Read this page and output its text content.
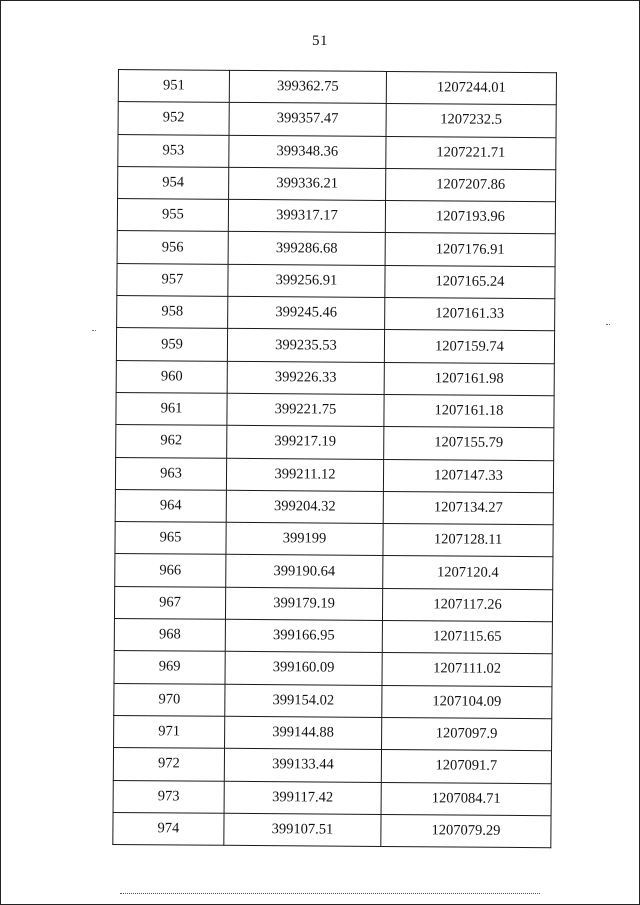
51
951	399362.75	1207244.01
952	399357.47	1207232.5
953	399348.36	1207221.71
954	399336.21	1207207.86
955	399317.17	1207193.96
956	399286.68	1207176.91
957	399256.91	1207165.24
958	399245.46	1207161.33
959	399235.53	1207159.74
960	399226.33	1207161.98
961	399221.75	1207161.18
962	399217.19	1207155.79
963	399211.12	1207147.33
964	399204.32	1207134.27
965	399199	1207128.11
966	399190.64	1207120.4
967	399179.19	1207117.26
968	399166.95	1207115.65
969	399160.09	1207111.02
970	399154.02	1207104.09
971	399144.88	1207097.9
972	399133.44	1207091.7
973	399117.42	1207084.71
974	399107.51	1207079.29
